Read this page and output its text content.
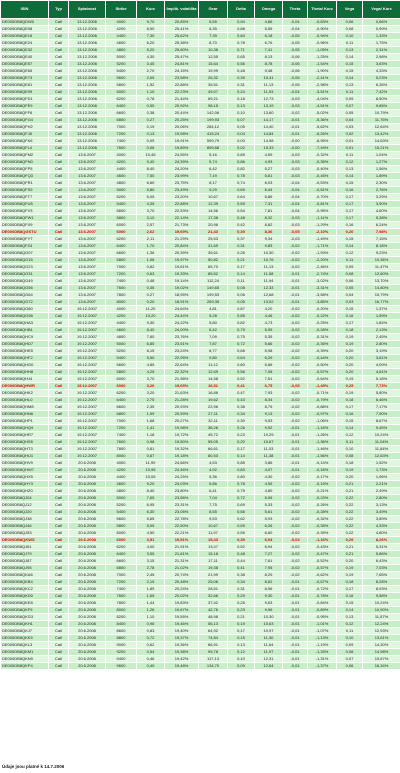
ISIN	Typ	Splatnost	Strike	Kurz	Implik. volatilita	Gear	Delta	Omega	Theta	Theta/ Kurz	Vega	Vega/ Kurz
DE000DB8QDW0	Call	13.12.2006	4000	9,70	20,85%	5,55	0,94	4,86	-0,04	-0,83%	0,06	0,66%
DE000DB8QE08	Call	13.12.2006	4200	8,50	25,41%	6,35	0,88	5,55	-0,04	-0,90%	0,08	0,99%
DE000DB8QE16	Call	13.12.2006	4400	7,30	25,62%	7,39	0,84	6,18	-0,05	-0,94%	0,10	1,33%
DE000DB8QE24	Call	13.12.2006	4600	6,20	25,38%	8,70	0,78	6,76	-0,05	-0,96%	0,11	1,75%
DE000DB8QE32	Call	13.12.2006	4800	5,20	25,60%	10,38	0,71	7,41	-0,05	-1,05%	0,13	2,31%
DE000DB8QE40	Call	13.12.2006	5000	4,30	25,47%	12,55	0,65	8,13	-0,06	-1,25%	0,14	2,98%
DE000DB8QE57	Call	13.12.2006	5200	3,45	24,81%	15,64	0,56	8,78	-0,06	-1,54%	0,15	3,63%
DE000DB8QE65	Call	13.12.2006	5400	2,70	24,15%	19,99	0,48	9,48	-0,06	-1,90%	0,15	4,33%
DE000DB8QE73	Call	13.12.2006	5600	2,05	23,58%	26,32	0,39	10,41	-0,05	-2,41%	0,14	5,23%
DE000DB8QE81	Call	13.12.2006	5800	1,52	22,88%	35,51	0,31	11,13	-0,05	-2,98%	0,13	6,35%
DE000DB8QE99	Call	13.12.2006	6000	1,10	22,23%	49,07	0,24	11,93	-0,04	-3,51%	0,11	7,42%
DE000DB8QFD1	Call	13.12.2006	6200	0,78	21,44%	69,21	0,18	12,73	-0,03	-4,04%	0,09	8,50%
DE000DB8QFE9	Call	13.12.2006	6400	0,55	20,92%	98,15	0,13	13,19	-0,03	-4,51%	0,07	9,65%
DE000DB8QFF6	Call	13.12.2006	6600	0,38	20,44%	142,06	0,10	13,60	-0,02	-5,02%	0,05	10,79%
DE000DB8QFG4	Call	13.12.2006	6800	0,27	20,25%	199,93	0,07	14,17	-0,01	-5,36%	0,04	11,76%
DE000DB8QFH2	Call	13.12.2006	7000	0,19	20,06%	284,12	0,05	14,40	-0,01	-5,62%	0,03	12,64%
DE000DB8QFJ8	Call	13.12.2006	7200	0,13	19,98%	415,24	0,04	14,84	-0,01	-6,26%	0,02	13,42%
DE000DB8QFK6	Call	13.12.2006	7400	0,09	19,91%	599,79	0,03	14,98	-0,00	-6,95%	0,01	14,63%
DE000DB8QFL4	Call	13.12.2006	7600	0,06	19,89%	899,68	0,02	15,33	-0,00	-7,49%	0,01	15,21%
DE000DB8QFM2	Call	13.6.2007	4000	10,45	24,55%	5,16	0,89	4,59	-0,03	-0,32%	0,11	1,04%
DE000DB8QFN0	Call	13.6.2007	4200	9,40	24,39%	5,74	0,86	4,93	-0,03	-0,35%	0,12	1,27%
DE000DB8QFP5	Call	13.6.2007	4400	8,40	24,20%	6,42	0,82	5,27	-0,03	-0,40%	0,13	1,56%
DE000DB8QFQ3	Call	13.6.2007	4600	7,50	23,99%	7,19	0,78	5,61	-0,03	-0,45%	0,14	1,89%
DE000DB8QFR1	Call	13.6.2007	4800	6,60	23,75%	8,17	0,74	6,03	-0,04	-0,53%	0,15	2,30%
DE000DB8QFS9	Call	13.6.2007	5000	5,80	23,49%	9,29	0,69	6,44	-0,04	-0,61%	0,16	2,76%
DE000DB8QFT7	Call	13.6.2007	5200	5,05	23,20%	10,67	0,64	6,86	-0,04	-0,70%	0,17	3,29%
DE000DB8QFU5	Call	13.6.2007	5400	4,35	22,88%	12,39	0,59	7,31	-0,04	-0,81%	0,17	3,90%
DE000DB8QFV3	Call	13.6.2007	5600	3,70	22,53%	14,56	0,54	7,81	-0,04	-0,95%	0,17	4,60%
DE000DB8QFW1	Call	13.6.2007	5800	3,10	22,14%	17,38	0,48	8,32	-0,03	-1,11%	0,17	5,38%
DE000DB8QFX9	Call	13.6.2007	6000	2,57	21,73%	20,96	0,42	8,82	-0,03	-1,29%	0,16	6,24%
DE000DB8QGSTU	Call	13.6.2007	6000	2,62	19,69%	21,43	0,39	8,36	-0,05	-2,10%	0,20	7,98%
DE000DB8QFY7	Call	13.6.2007	6200	2,11	21,29%	25,53	0,37	9,34	-0,03	-1,49%	0,15	7,15%
DE000DB8QFZ4	Call	13.6.2007	6400	1,70	20,84%	31,69	0,31	9,83	-0,02	-1,71%	0,14	8,18%
DE000DB8QG07	Call	13.6.2007	6600	1,36	20,39%	39,61	0,26	10,30	-0,02	-1,93%	0,12	9,23%
DE000DB8QG15	Call	13.6.2007	6800	1,06	19,97%	50,82	0,21	10,76	-0,02	-2,20%	0,11	10,36%
DE000DB8QG23	Call	13.6.2007	7000	0,82	19,61%	65,70	0,17	11,13	-0,02	-2,46%	0,09	11,47%
DE000DB8QG31	Call	13.6.2007	7200	0,63	19,33%	85,52	0,14	11,58	-0,01	-2,74%	0,08	12,60%
DE000DB8QG49	Call	13.6.2007	7400	0,48	19,14%	112,24	0,11	11,94	-0,01	-3,02%	0,06	13,70%
DE000DB8QG56	Call	13.6.2007	7600	0,36	19,02%	149,65	0,08	12,33	-0,01	-3,31%	0,05	14,80%
DE000DB8QG64	Call	13.6.2007	7800	0,27	18,95%	199,53	0,06	12,68	-0,01	-3,58%	0,04	15,79%
DE000DB8QG72	Call	13.6.2007	8000	0,20	18,91%	269,35	0,05	13,02	-0,01	-3,85%	0,03	16,77%
DE000DB8QG80	Call	19.12.2007	4000	11,20	24,64%	4,81	0,87	4,20	-0,02	-0,20%	0,15	1,37%
DE000DB8QG98	Call	19.12.2007	4200	10,20	24,44%	5,28	0,85	4,46	-0,02	-0,22%	0,16	1,59%
DE000DB8QHA3	Call	19.12.2007	4400	9,30	24,22%	5,80	0,82	4,73	-0,02	-0,25%	0,17	1,84%
DE000DB8QHB1	Call	19.12.2007	4600	8,40	24,00%	6,42	0,79	5,05	-0,02	-0,28%	0,18	2,13%
DE000DB8QHC9	Call	19.12.2007	4800	7,60	23,76%	7,09	0,75	5,35	-0,02	-0,31%	0,19	2,45%
DE000DB8QHD7	Call	19.12.2007	5000	6,85	23,51%	7,87	0,72	5,66	-0,02	-0,35%	0,19	2,80%
DE000DB8QHE5	Call	19.12.2007	5200	6,15	23,24%	8,77	0,68	5,98	-0,02	-0,39%	0,20	3,19%
DE000DB8QHF2	Call	19.12.2007	5400	5,50	22,95%	9,80	0,64	6,29	-0,02	-0,44%	0,20	3,61%
DE000DB8QHG0	Call	19.12.2007	5600	4,85	22,64%	11,12	0,60	6,66	-0,02	-0,50%	0,20	4,09%
DE000DB8QHH8	Call	19.12.2007	5800	4,25	22,32%	12,69	0,56	7,08	-0,02	-0,57%	0,20	4,61%
DE000DB8QHJ4	Call	19.12.2007	6000	3,70	21,98%	14,58	0,52	7,51	-0,02	-0,64%	0,19	5,18%
DE000DB8QHWR	Call	19.12.2007	6000	3,26	19,65%	16,51	0,41	6,75	-0,05	-1,45%	0,25	7,73%
DE000DB8QHK2	Call	19.12.2007	6200	3,20	21,63%	16,86	0,47	7,93	-0,02	-0,71%	0,19	5,80%
DE000DB8QHL0	Call	19.12.2007	6400	2,75	21,28%	19,62	0,43	8,34	-0,02	-0,79%	0,18	6,46%
DE000DB8QHM8	Call	19.12.2007	6600	2,35	20,93%	22,96	0,38	8,75	-0,02	-0,88%	0,17	7,17%
DE000DB8QHN6	Call	19.12.2007	6800	1,99	20,59%	27,11	0,34	9,13	-0,02	-0,97%	0,16	7,90%
DE000DB8QHP1	Call	19.12.2007	7000	1,68	20,27%	32,11	0,30	9,53	-0,02	-1,06%	0,15	8,67%
DE000DB8QHQ9	Call	19.12.2007	7200	1,41	19,98%	38,26	0,26	9,92	-0,01	-1,16%	0,14	9,45%
DE000DB8QHR7	Call	19.12.2007	7400	1,18	19,72%	45,72	0,23	10,29	-0,01	-1,26%	0,12	10,24%
DE000DB8QHS5	Call	19.12.2007	7600	0,98	19,50%	55,05	0,20	10,67	-0,01	-1,36%	0,11	11,04%
DE000DB8QHT3	Call	19.12.2007	7800	0,81	19,32%	66,61	0,17	11,03	-0,01	-1,46%	0,10	11,84%
DE000DB8QHU1	Call	19.12.2007	8000	0,67	19,18%	80,53	0,14	11,38	-0,01	-1,56%	0,08	12,63%
DE000DB8QHV9	Call	20.6.2008	4000	11,90	24,66%	4,53	0,85	3,86	-0,01	-0,14%	0,18	1,52%
DE000DB8QHW7	Call	20.6.2008	4200	10,95	24,46%	4,92	0,83	4,07	-0,01	-0,16%	0,19	1,73%
DE000DB8QHX5	Call	20.6.2008	4400	10,05	24,25%	5,36	0,80	4,30	-0,02	-0,17%	0,20	1,96%
DE000DB8QHY3	Call	20.6.2008	4600	9,20	24,03%	5,86	0,78	4,55	-0,02	-0,19%	0,21	2,21%
DE000DB8QHZ0	Call	20.6.2008	4800	8,40	23,80%	6,41	0,75	4,80	-0,02	-0,21%	0,21	2,49%
DE000DB8QJ04	Call	20.6.2008	5000	7,65	23,56%	7,04	0,72	5,06	-0,02	-0,23%	0,22	2,80%
DE000DB8QJ12	Call	20.6.2008	5200	6,95	23,31%	7,75	0,69	5,33	-0,02	-0,26%	0,22	3,13%
DE000DB8QJ20	Call	20.6.2008	5400	6,30	23,05%	8,55	0,66	5,61	-0,02	-0,28%	0,22	3,49%
DE000DB8QJ38	Call	20.6.2008	5600	5,65	22,78%	9,53	0,62	5,93	-0,02	-0,32%	0,22	3,89%
DE000DB8QJ46	Call	20.6.2008	5800	5,05	22,50%	10,67	0,59	6,26	-0,02	-0,35%	0,22	4,33%
DE000DB8QJ53	Call	20.6.2008	6000	4,50	22,21%	11,97	0,55	6,60	-0,02	-0,39%	0,22	4,80%
DE000DB8QKWS	Call	20.6.2008	6000	3,51	19,51%	15,43	0,39	6,04	-0,04	-1,16%	0,29	8,26%
DE000DB8QJ61	Call	20.6.2008	6200	4,00	21,91%	13,47	0,52	6,94	-0,02	-0,43%	0,21	5,31%
DE000DB8QJ79	Call	20.6.2008	6400	3,55	21,61%	15,18	0,48	7,27	-0,02	-0,47%	0,21	5,86%
DE000DB8QJ87	Call	20.6.2008	6600	3,15	21,31%	17,11	0,44	7,61	-0,02	-0,52%	0,20	6,43%
DE000DB8QJ95	Call	20.6.2008	6800	2,78	21,02%	19,38	0,41	7,95	-0,02	-0,57%	0,19	7,03%
DE000DB8QKA6	Call	20.6.2008	7000	2,45	20,74%	21,99	0,38	8,29	-0,02	-0,62%	0,19	7,65%
DE000DB8QKB4	Call	20.6.2008	7200	2,15	20,48%	25,06	0,34	8,62	-0,01	-0,67%	0,18	8,28%
DE000DB8QKC2	Call	20.6.2008	7400	1,89	20,24%	28,51	0,31	8,96	-0,01	-0,72%	0,17	8,93%
DE000DB8QKD0	Call	20.6.2008	7600	1,65	20,02%	32,66	0,29	9,30	-0,01	-0,78%	0,16	9,58%
DE000DB8QKE8	Call	20.6.2008	7800	1,44	19,83%	37,42	0,26	9,63	-0,01	-0,84%	0,15	10,24%
DE000DB8QKF5	Call	20.6.2008	8000	1,26	19,67%	42,76	0,23	9,96	-0,01	-0,89%	0,14	10,90%
DE000DB8QKG3	Call	20.6.2008	8200	1,10	19,55%	48,98	0,21	10,30	-0,01	-0,95%	0,13	11,57%
DE000DB8QKH1	Call	20.6.2008	8400	0,96	19,46%	56,13	0,19	10,63	-0,01	-1,01%	0,12	12,24%
DE000DB8QKJ7	Call	20.6.2008	8600	0,83	19,40%	64,92	0,17	10,97	-0,01	-1,07%	0,11	12,93%
DE000DB8QKK5	Call	20.6.2008	8800	0,72	19,37%	74,84	0,15	11,30	-0,01	-1,13%	0,10	13,61%
DE000DB8QKL3	Call	20.6.2008	9000	0,62	19,36%	86,91	0,13	11,64	-0,01	-1,19%	0,09	14,30%
DE000DB8QKM1	Call	20.6.2008	9200	0,54	19,38%	99,78	0,12	11,97	-0,01	-1,25%	0,08	14,98%
DE000DB8QKN9	Call	20.6.2008	9400	0,46	19,42%	117,13	0,10	12,31	-0,01	-1,31%	0,07	15,67%
DE000DB8QKP4	Call	20.6.2008	9600	0,40	19,48%	134,70	0,09	12,64	-0,01	-1,37%	0,06	16,34%
Údaje jsou platné k 14.7.2006
